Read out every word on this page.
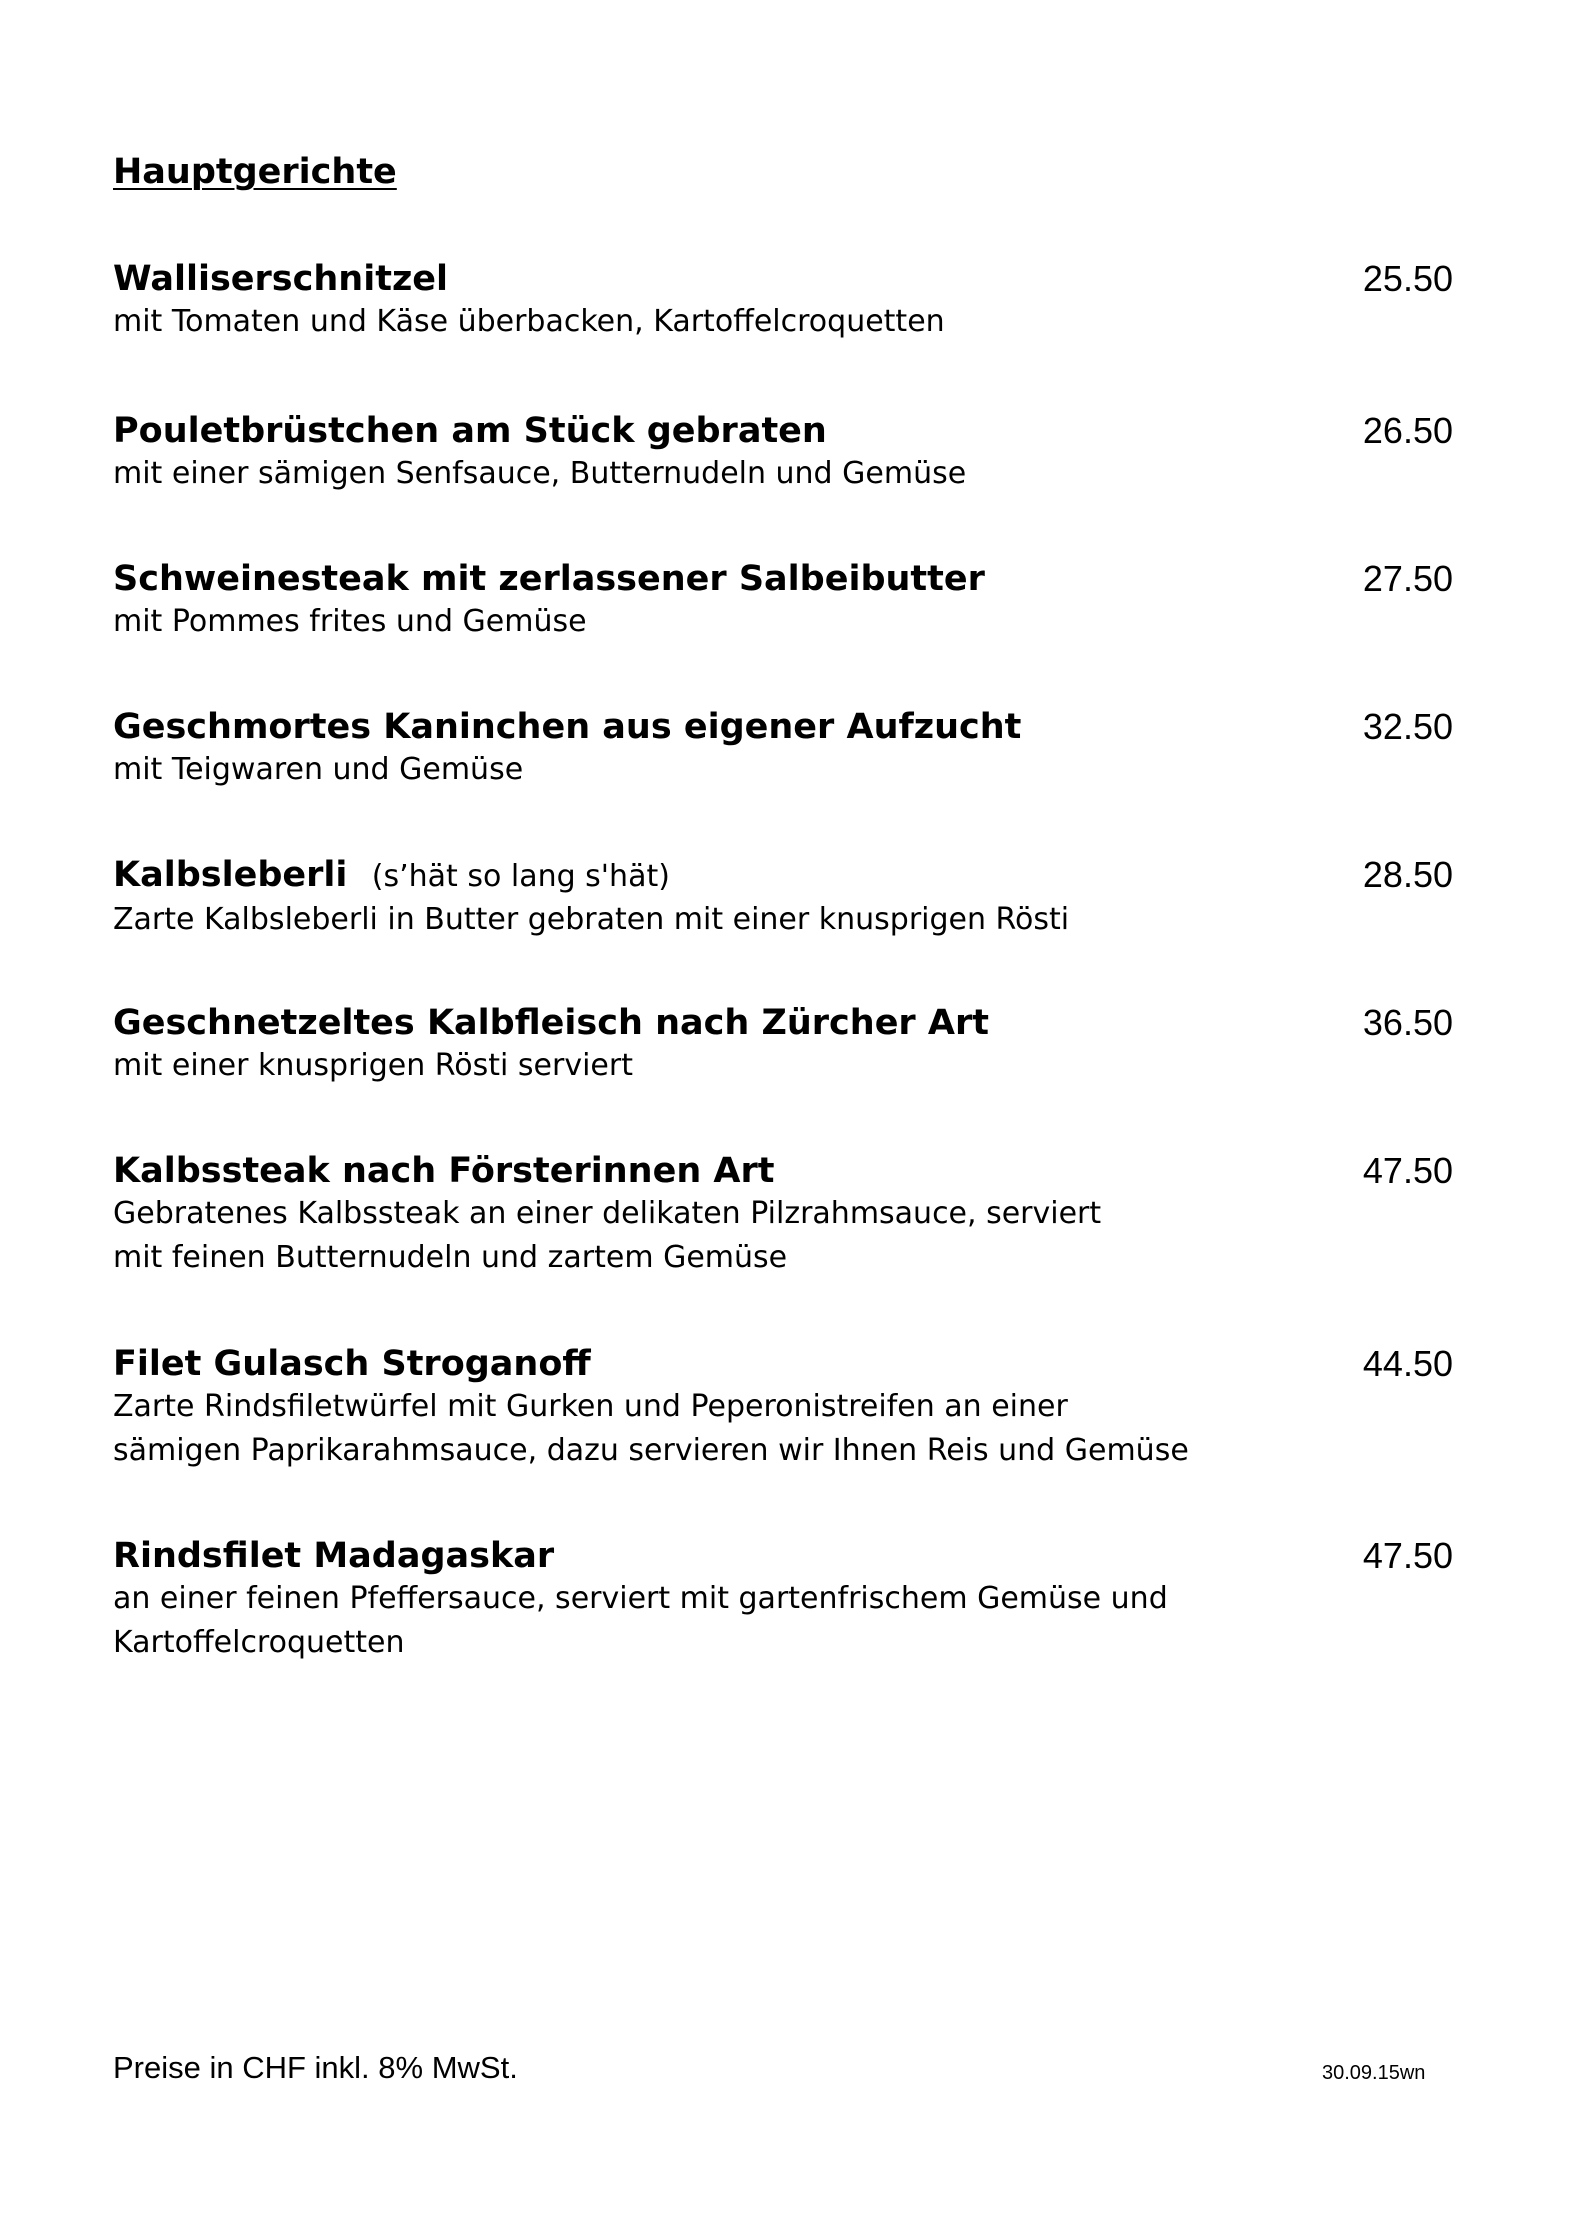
Hauptgerichte
Walliserschnitzel	25.50
mit Tomaten und Käse überbacken, Kartoffelcroquetten
Pouletbrüstchen am Stück gebraten	26.50
mit einer sämigen Senfsauce, Butternudeln und Gemüse
Schweinesteak mit zerlassener Salbeibutter	27.50
mit Pommes frites und Gemüse
Geschmortes Kaninchen aus eigener Aufzucht	32.50
mit Teigwaren und Gemüse
Kalbsleberli (s’hät so lang s'hät)	28.50
Zarte Kalbsleberli in Butter gebraten mit einer knusprigen Rösti
Geschnetzeltes Kalbfleisch nach Zürcher Art	36.50
mit einer knusprigen Rösti serviert
Kalbssteak nach Försterinnen Art	47.50
Gebratenes Kalbssteak an einer delikaten Pilzrahmsauce, serviert
mit feinen Butternudeln und zartem Gemüse
Filet Gulasch Stroganoff	44.50
Zarte Rindsfiletwürfel mit Gurken und Peperonistreifen an einer
sämigen Paprikarahmsauce, dazu servieren wir Ihnen Reis und Gemüse
Rindsfilet Madagaskar	47.50
an einer feinen Pfeffersauce, serviert mit gartenfrischem Gemüse und
Kartoffelcroquetten
Preise in CHF inkl. 8% MwSt.	30.09.15wn
